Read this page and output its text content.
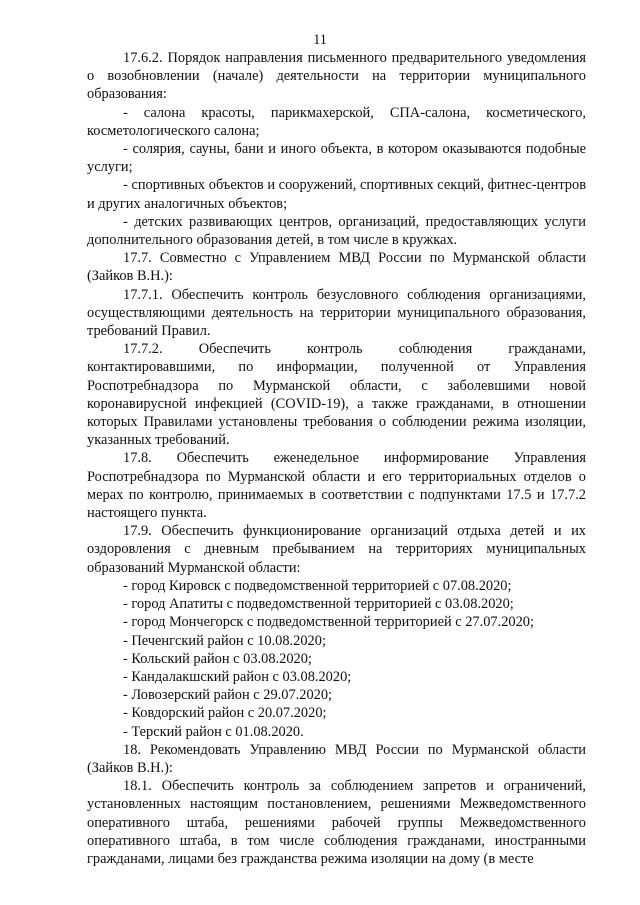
11

17.6.2. Порядок направления письменного предварительного уведомления о возобновлении (начале) деятельности на территории муниципального образования:

- салона красоты, парикмахерской, СПА-салона, косметического, косметологического салона;

- солярия, сауны, бани и иного объекта, в котором оказываются подобные услуги;

- спортивных объектов и сооружений, спортивных секций, фитнес-центров и других аналогичных объектов;

- детских развивающих центров, организаций, предоставляющих услуги дополнительного образования детей, в том числе в кружках.

17.7. Совместно с Управлением МВД России по Мурманской области (Зайков В.Н.):

17.7.1. Обеспечить контроль безусловного соблюдения организациями, осуществляющими деятельность на территории муниципального образования, требований Правил.

17.7.2. Обеспечить контроль соблюдения гражданами, контактировавшими, по информации, полученной от Управления Роспотребнадзора по Мурманской области, с заболевшими новой коронавирусной инфекцией (COVID-19), а также гражданами, в отношении которых Правилами установлены требования о соблюдении режима изоляции, указанных требований.

17.8. Обеспечить еженедельное информирование Управления Роспотребнадзора по Мурманской области и его территориальных отделов о мерах по контролю, принимаемых в соответствии с подпунктами 17.5 и 17.7.2 настоящего пункта.

17.9. Обеспечить функционирование организаций отдыха детей и их оздоровления с дневным пребыванием на территориях муниципальных образований Мурманской области:

- город Кировск с подведомственной территорией с 07.08.2020;

- город Апатиты с подведомственной территорией с 03.08.2020;

- город Мончегорск с подведомственной территорией с 27.07.2020;

- Печенгский район с 10.08.2020;

- Кольский район с 03.08.2020;

- Кандалакшский район с 03.08.2020;

- Ловозерский район с 29.07.2020;

- Ковдорский район с 20.07.2020;

- Терский район с 01.08.2020.

18. Рекомендовать Управлению МВД России по Мурманской области (Зайков В.Н.):

18.1. Обеспечить контроль за соблюдением запретов и ограничений, установленных настоящим постановлением, решениями Межведомственного оперативного штаба, решениями рабочей группы Межведомственного оперативного штаба, в том числе соблюдения гражданами, иностранными гражданами, лицами без гражданства режима изоляции на дому (в месте
